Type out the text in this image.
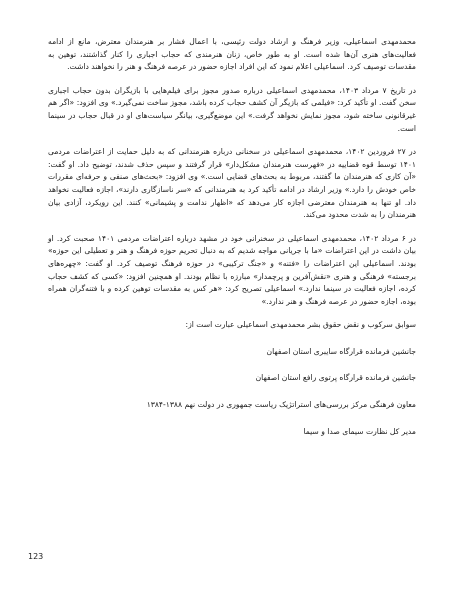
محمدمهدی اسماعیلی، وزیر فرهنگ و ارشاد دولت رئیسی، با اعمال فشار بر هنرمندان معترض، مانع از ادامه فعالیت‌های هنری آن‌ها شده است. او به طور خاص، زنان هنرمندی که حجاب اجباری را کنار گذاشتند، توهین به مقدسات توصیف کرد. اسماعیلی اعلام نمود که این افراد اجازه حضور در عرصه فرهنگ و هنر را نخواهند داشت.

در تاریخ ۷ مرداد ۱۴۰۳، محمدمهدی اسماعیلی درباره صدور مجوز برای فیلم‌هایی با بازیگران بدون حجاب اجباری سخن گفت. او تأکید کرد: «فیلمی که بازیگر آن کشف حجاب کرده باشد، مجوز ساخت نمی‌گیرد.» وی افزود: «اگر هم غیرقانونی ساخته شود، مجوز نمایش نخواهد گرفت.» این موضع‌گیری، بیانگر سیاست‌های او در قبال حجاب در سینما است.

در ۲۷ فروردین ۱۴۰۲، محمدمهدی اسماعیلی در سخنانی درباره هنرمندانی که به دلیل حمایت از اعتراضات مردمی ۱۴۰۱ توسط قوه قضاییه در «فهرست هنرمندان مشکل‌دار» قرار گرفتند و سپس حذف شدند، توضیح داد. او گفت: «آن کاری که هنرمندان ما گفتند، مربوط به بحث‌های قضایی است.» وی افزود: «بحث‌های صنفی و حرفه‌ای مقررات خاص خودش را دارد.» وزیر ارشاد در ادامه تأکید کرد به هنرمندانی که «سر ناسازگاری دارند»، اجازه فعالیت نخواهد داد. او تنها به هنرمندان معترضی اجازه کار می‌دهد که «اظهار ندامت و پشیمانی» کنند. این رویکرد، آزادی بیان هنرمندان را به شدت محدود می‌کند.

در ۶ مرداد ۱۴۰۲، محمدمهدی اسماعیلی در سخنرانی خود در مشهد درباره اعتراضات مردمی ۱۴۰۱ صحبت کرد. او بیان داشت در این اعتراضات «ما با جریانی مواجه شدیم که به دنبال تحریم حوزه فرهنگ و هنر و تعطیلی این حوزه» بودند. اسماعیلی این اعتراضات را «فتنه» و «جنگ ترکیبی» در حوزه فرهنگ توصیف کرد. او گفت: «چهره‌های برجسته» فرهنگی و هنری «نقش‌آفرین و پرچمدار» مبارزه با نظام بودند. او همچنین افزود: «کسی که کشف حجاب کرده، اجازه فعالیت در سینما ندارد.» اسماعیلی تصریح کرد: «هر کس به مقدسات توهین کرده و با فتنه‌گران همراه بوده، اجازه حضور در عرصه فرهنگ و هنر ندارد.»

سوابق سرکوب و نقض حقوق بشر محمدمهدی اسماعیلی عبارت است از:

جانشین فرمانده قرارگاه سایبری استان اصفهان

جانشین فرمانده قرارگاه پرتوی رافع استان اصفهان

معاون فرهنگی مرکز بررسی‌های استراتژیک ریاست جمهوری در دولت نهم ۱۳۸۸-۱۳۸۴

مدیر کل نظارت سیمای صدا و سیما

123
